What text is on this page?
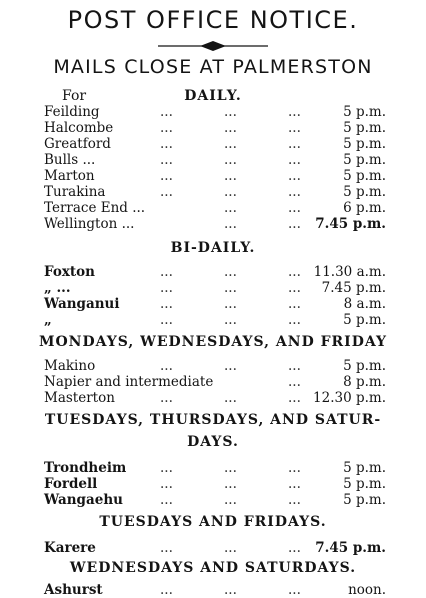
POST OFFICE NOTICE.
MAILS CLOSE AT PALMERSTON
For	DAILY.
Feilding	...	...	...	5 p.m.
Halcombe	...	...	...	5 p.m.
Greatford	...	...	...	5 p.m.
Bulls ...	...	...	...	5 p.m.
Marton	...	...	...	5 p.m.
Turakina	...	...	...	5 p.m.
Terrace End ...	...	...	6 p.m.
Wellington ...	...	... 7.45 p.m.
BI-DAILY.
Foxton	...	...	... 11.30 a.m.
„ ...	...	...	... 7.45 p.m.
Wanganui	...	...	...	8 a.m.
„	...	...	...	5 p.m.
MONDAYS, WEDNESDAYS, AND FRIDAY
Makino	...	...	...	5 p.m.
Napier and intermediate	...	8 p.m.
Masterton	...	...	... 12.30 p.m.
TUESDAYS, THURSDAYS, AND SATUR-
DAYS.
Trondheim ...	...	...	5 p.m.
Fordell	...	...	...	5 p.m.
Wangaehu	...	...	...	5 p.m.
TUESDAYS AND FRIDAYS.
Karere	...	...	... 7.45 p.m.
WEDNESDAYS AND SATURDAYS.
Ashurst	...	...	...	noon.
